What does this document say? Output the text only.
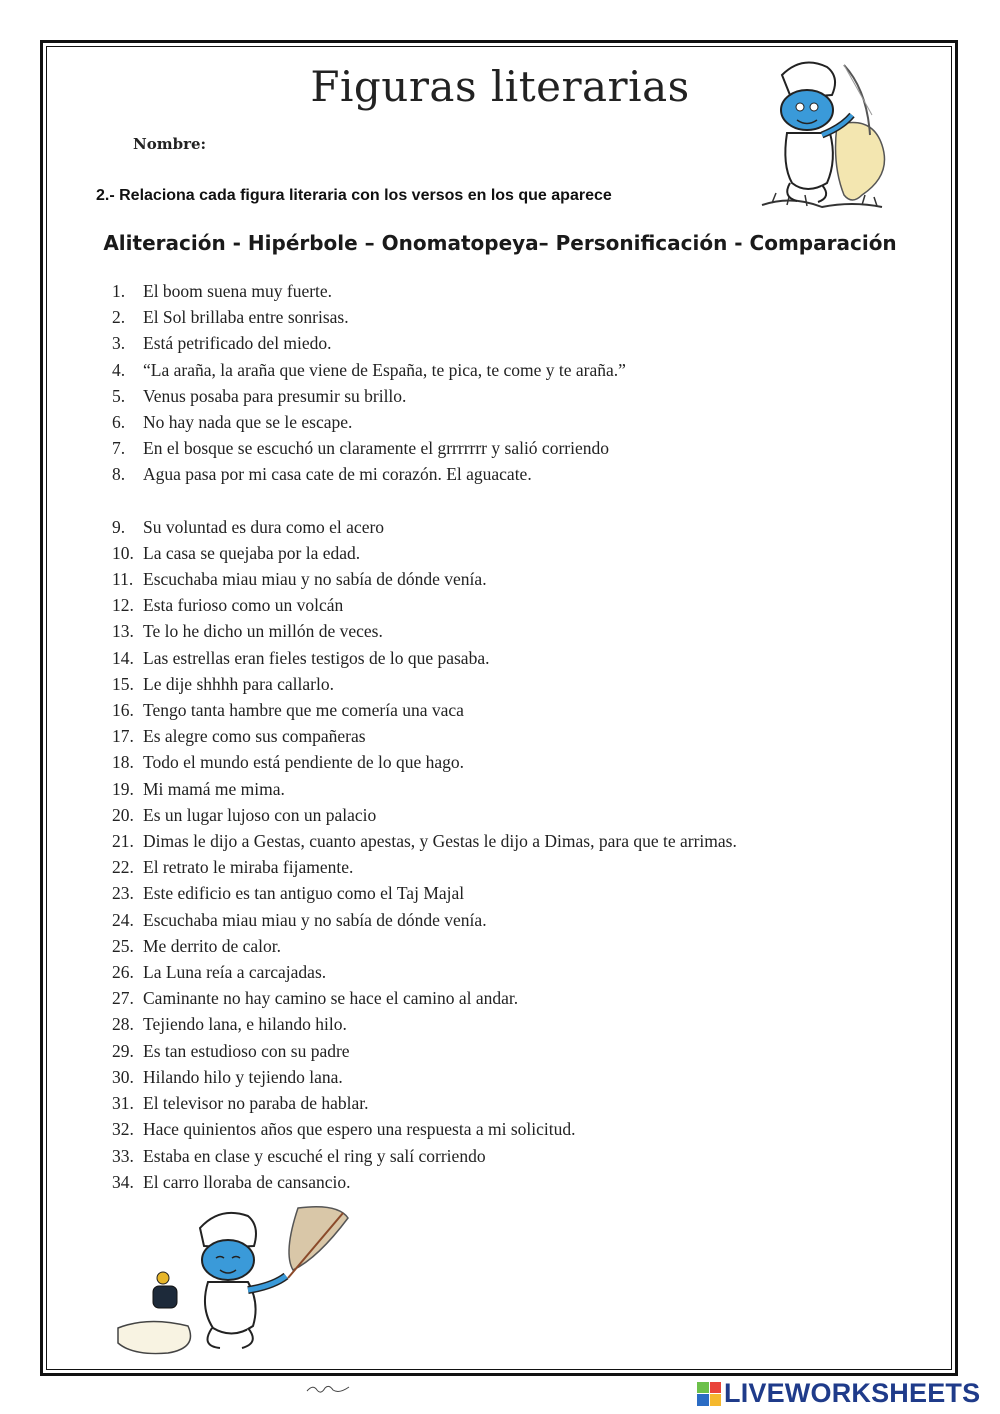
Figuras literarias
Nombre:
2.- Relaciona cada figura literaria con los versos en los que aparece
Aliteración - Hipérbole – Onomatopeya– Personificación - Comparación
1.	El boom suena muy fuerte.
2.	El Sol brillaba entre sonrisas.
3.	Está petrificado del miedo.
4.	“La araña, la araña que viene de España, te pica, te come y te araña.”
5.	Venus posaba para presumir su brillo.
6.	No hay nada que se le escape.
7.	En el bosque se escuchó un claramente el grrrrrrr y salió corriendo
8.	Agua pasa por mi casa cate de mi corazón. El aguacate.
9.	Su voluntad es dura como el acero
10. La casa se quejaba por la edad.
11. Escuchaba miau miau y no sabía de dónde venía.
12. Esta furioso como un volcán
13. Te lo he dicho un millón de veces.
14. Las estrellas eran fieles testigos de lo que pasaba.
15. Le dije shhhh para callarlo.
16. Tengo tanta hambre que me comería una vaca
17. Es alegre como sus compañeras
18. Todo el mundo está pendiente de lo que hago.
19. Mi mamá me mima.
20. Es un lugar lujoso con un palacio
21. Dimas le dijo a Gestas, cuanto apestas, y Gestas le dijo a Dimas, para que te arrimas.
22. El retrato le miraba fijamente.
23. Este edificio es tan antiguo como el Taj Majal
24. Escuchaba miau miau y no sabía de dónde venía.
25. Me derrito de calor.
26. La Luna reía a carcajadas.
27. Caminante no hay camino se hace el camino al andar.
28. Tejiendo lana, e hilando hilo.
29. Es tan estudioso con su padre
30. Hilando hilo y tejiendo lana.
31. El televisor no paraba de hablar.
32. Hace quinientos años que espero una respuesta a mi solicitud.
33. Estaba en clase y escuché el ring y salí corriendo
34. El carro lloraba de cansancio.
LIVEWORKSHEETS
